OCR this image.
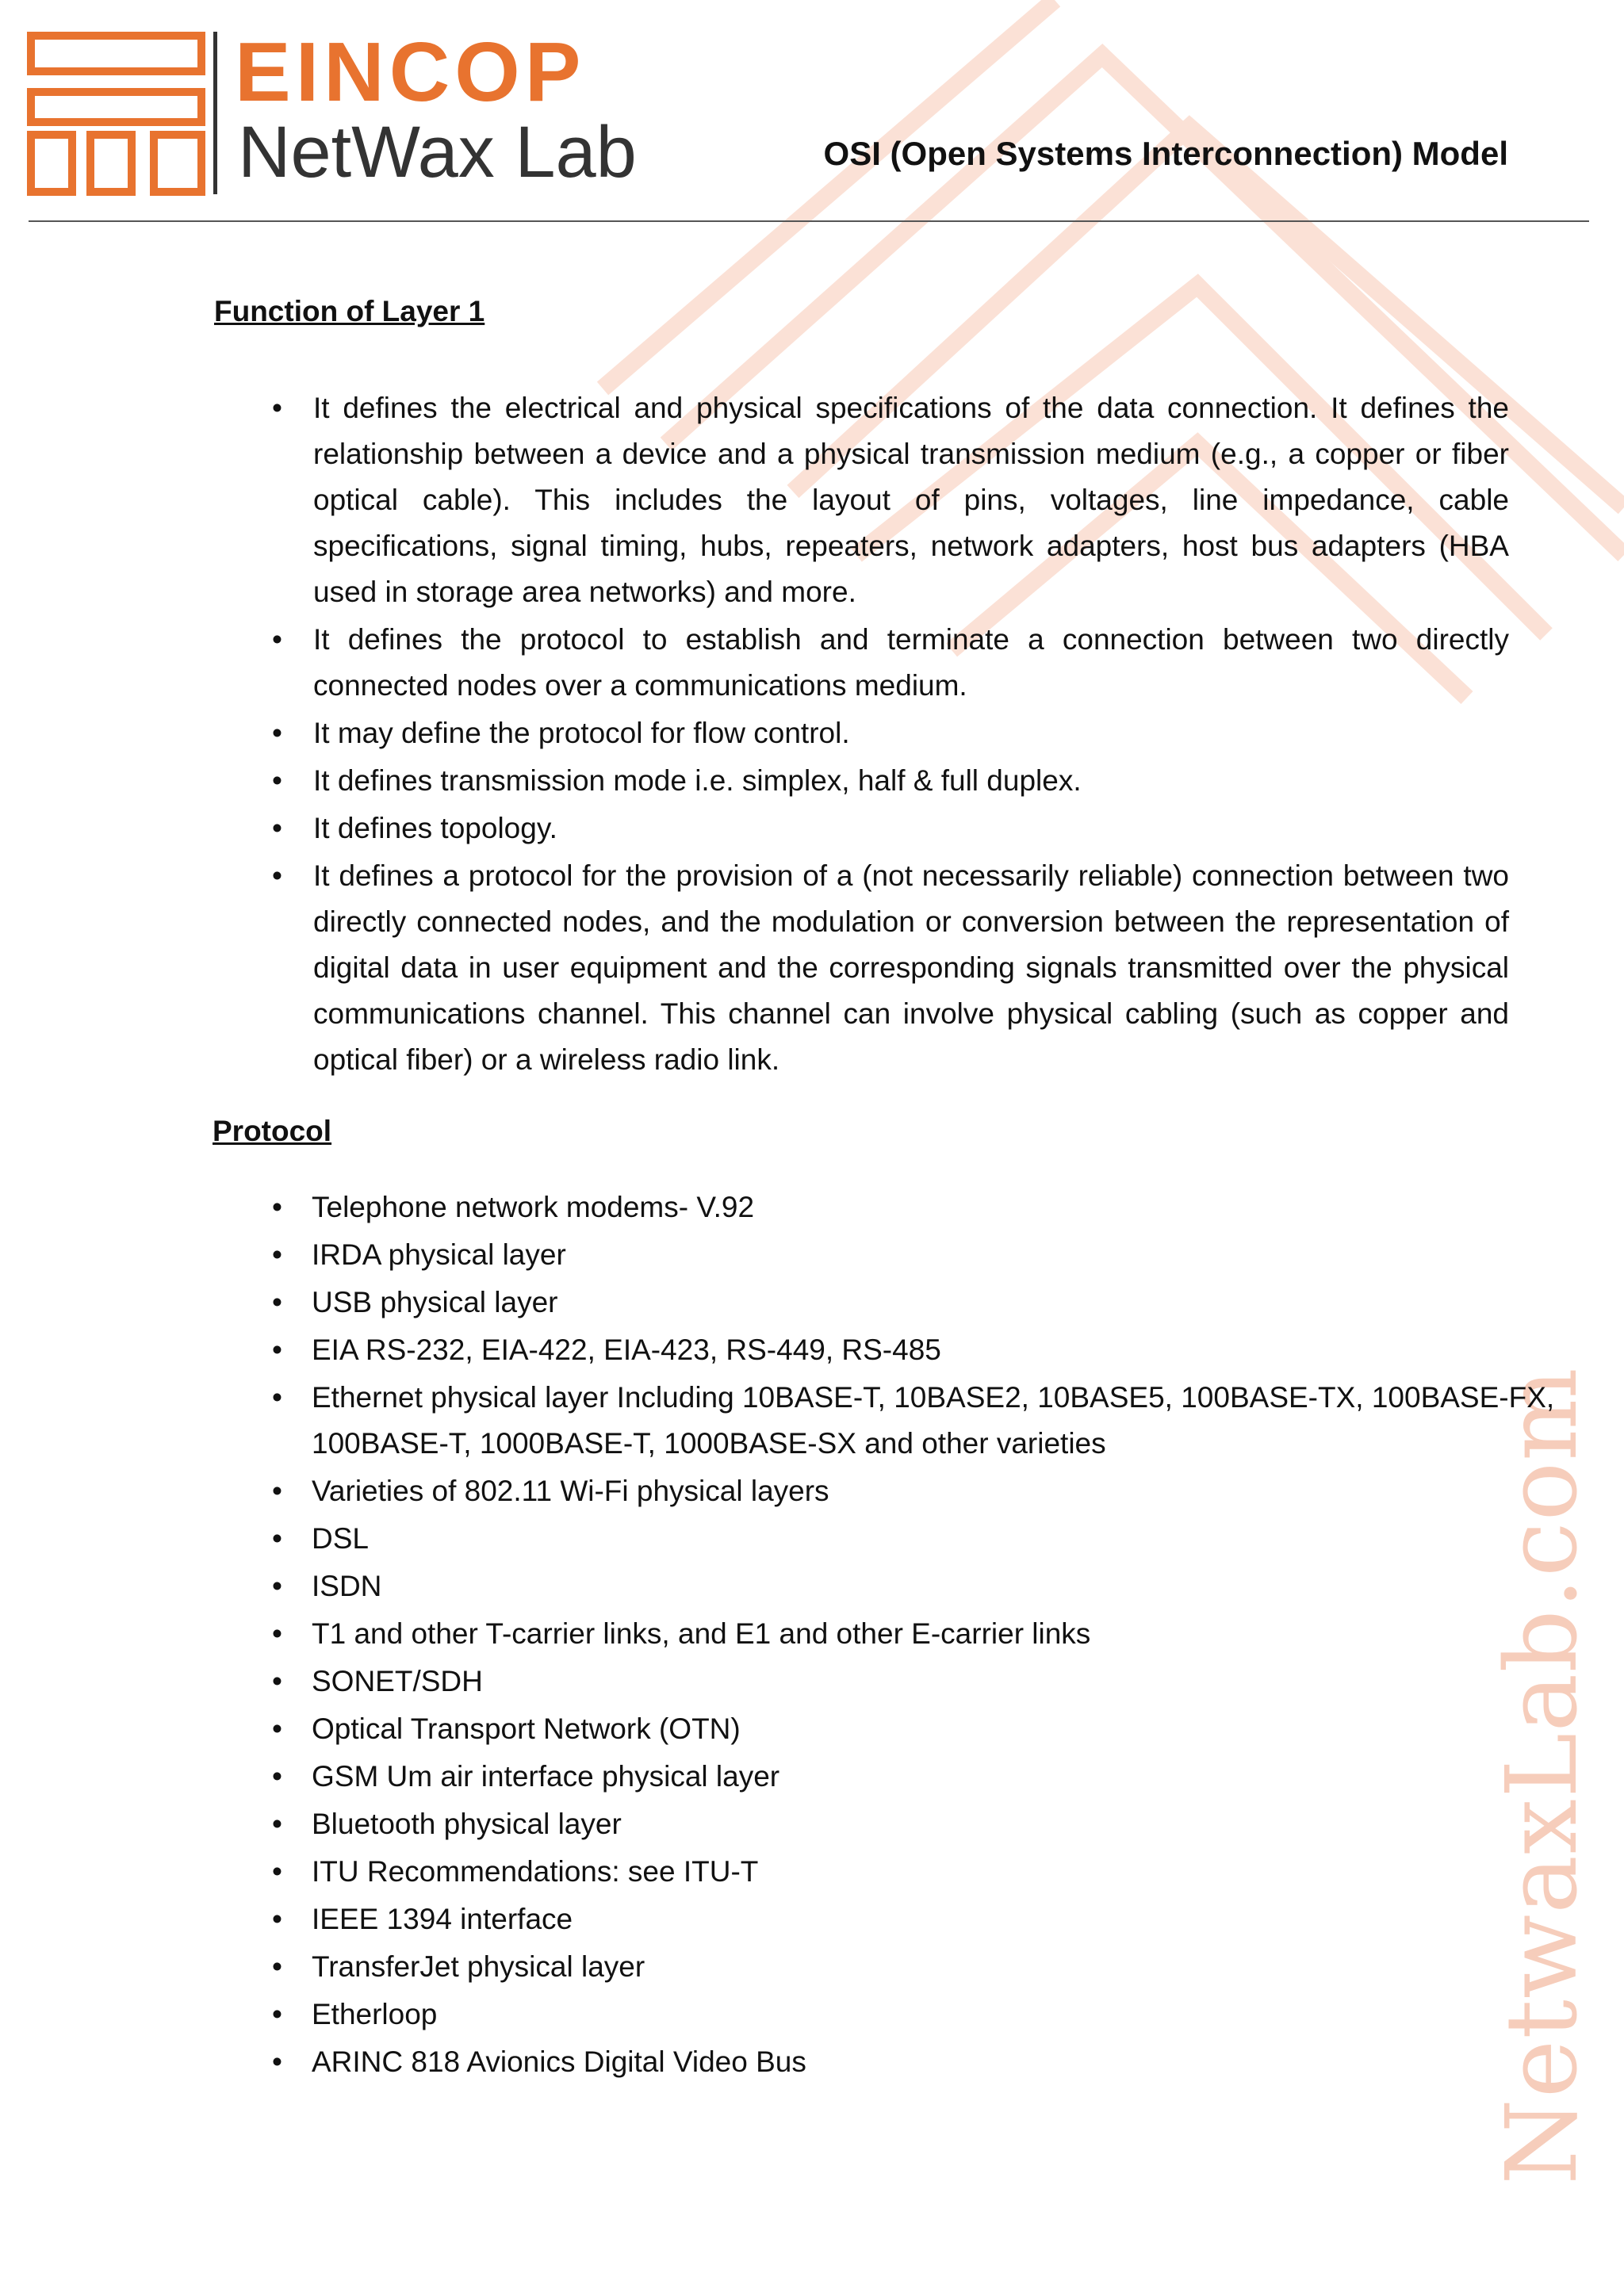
NetwaxLab.com
EINCOP
NetWax Lab	OSI (Open Systems Interconnection) Model
Function of Layer 1
• It defines the electrical and physical specifications of the data connection. It defines the relationship between a device and a physical transmission medium (e.g., a copper or fiber optical cable). This includes the layout of pins, voltages, line impedance, cable specifications, signal timing, hubs, repeaters, network adapters, host bus adapters (HBA used in storage area networks) and more.
• It defines the protocol to establish and terminate a connection between two directly connected nodes over a communications medium.
• It may define the protocol for flow control.
• It defines transmission mode i.e. simplex, half & full duplex.
• It defines topology.
• It defines a protocol for the provision of a (not necessarily reliable) connection between two directly connected nodes, and the modulation or conversion between the representation of digital data in user equipment and the corresponding signals transmitted over the physical communications channel. This channel can involve physical cabling (such as copper and optical fiber) or a wireless radio link.
Protocol
• Telephone network modems- V.92
• IRDA physical layer
• USB physical layer
• EIA RS-232, EIA-422, EIA-423, RS-449, RS-485
• Ethernet physical layer Including 10BASE-T, 10BASE2, 10BASE5, 100BASE-TX, 100BASE-FX, 100BASE-T, 1000BASE-T, 1000BASE-SX and other varieties
• Varieties of 802.11 Wi-Fi physical layers
• DSL
• ISDN
• T1 and other T-carrier links, and E1 and other E-carrier links
• SONET/SDH
• Optical Transport Network (OTN)
• GSM Um air interface physical layer
• Bluetooth physical layer
• ITU Recommendations: see ITU-T
• IEEE 1394 interface
• TransferJet physical layer
• Etherloop
• ARINC 818 Avionics Digital Video Bus
